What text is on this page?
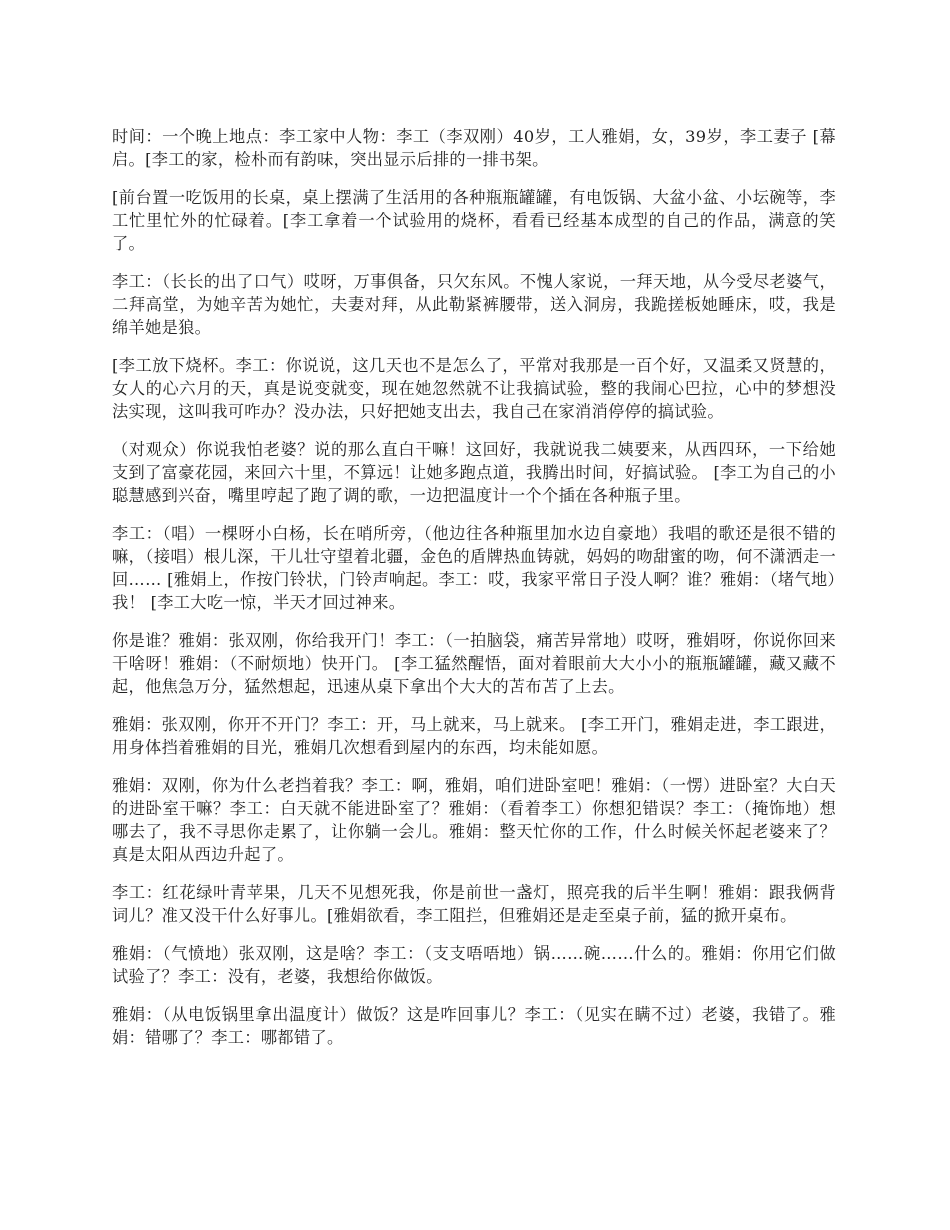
时间：一个晚上地点：李工家中人物：李工（李双刚）40岁，工人雅娟，女，39岁，李工妻子 [幕启。[李工的家，检朴而有韵味，突出显示后排的一排书架。

[前台置一吃饭用的长桌，桌上摆满了生活用的各种瓶瓶罐罐，有电饭锅、大盆小盆、小坛碗等，李工忙里忙外的忙碌着。[李工拿着一个试验用的烧杯，看看已经基本成型的自己的作品，满意的笑了。

李工：（长长的出了口气）哎呀，万事俱备，只欠东风。不愧人家说，一拜天地，从今受尽老婆气，二拜高堂，为她辛苦为她忙，夫妻对拜，从此勒紧裤腰带，送入洞房，我跪搓板她睡床，哎，我是绵羊她是狼。

[李工放下烧杯。李工：你说说，这几天也不是怎么了，平常对我那是一百个好，又温柔又贤慧的，女人的心六月的天，真是说变就变，现在她忽然就不让我搞试验，整的我闹心巴拉，心中的梦想没法实现，这叫我可咋办？没办法，只好把她支出去，我自己在家消消停停的搞试验。

（对观众）你说我怕老婆？说的那么直白干嘛！这回好，我就说我二姨要来，从西四环，一下给她支到了富豪花园，来回六十里，不算远！让她多跑点道，我腾出时间，好搞试验。 [李工为自己的小聪慧感到兴奋，嘴里哼起了跑了调的歌，一边把温度计一个个插在各种瓶子里。

李工：（唱）一棵呀小白杨，长在哨所旁，（他边往各种瓶里加水边自豪地）我唱的歌还是很不错的嘛，（接唱）根儿深，干儿壮守望着北疆，金色的盾牌热血铸就，妈妈的吻甜蜜的吻，何不潇洒走一回…… [雅娟上，作按门铃状，门铃声响起。李工：哎，我家平常日子没人啊？谁？雅娟：（堵气地）我！ [李工大吃一惊，半天才回过神来。

你是谁？雅娟：张双刚，你给我开门！李工：（一拍脑袋，痛苦异常地）哎呀，雅娟呀，你说你回来干啥呀！雅娟：（不耐烦地）快开门。 [李工猛然醒悟，面对着眼前大大小小的瓶瓶罐罐，藏又藏不起，他焦急万分，猛然想起，迅速从桌下拿出个大大的苫布苫了上去。

雅娟：张双刚，你开不开门？李工：开，马上就来，马上就来。 [李工开门，雅娟走进，李工跟进，用身体挡着雅娟的目光，雅娟几次想看到屋内的东西，均未能如愿。

雅娟：双刚，你为什么老挡着我？李工：啊，雅娟，咱们进卧室吧！雅娟：（一愣）进卧室？大白天的进卧室干嘛？李工：白天就不能进卧室了？雅娟：（看着李工）你想犯错误？李工：（掩饰地）想哪去了，我不寻思你走累了，让你躺一会儿。雅娟：整天忙你的工作，什么时候关怀起老婆来了？真是太阳从西边升起了。

李工：红花绿叶青苹果，几天不见想死我，你是前世一盏灯，照亮我的后半生啊！雅娟：跟我俩背词儿？准又没干什么好事儿。[雅娟欲看，李工阻拦，但雅娟还是走至桌子前，猛的掀开桌布。

雅娟：（气愤地）张双刚，这是啥？李工：（支支唔唔地）锅……碗……什么的。雅娟：你用它们做试验了？李工：没有，老婆，我想给你做饭。

雅娟：（从电饭锅里拿出温度计）做饭？这是咋回事儿？李工：（见实在瞒不过）老婆，我错了。雅娟：错哪了？李工：哪都错了。
